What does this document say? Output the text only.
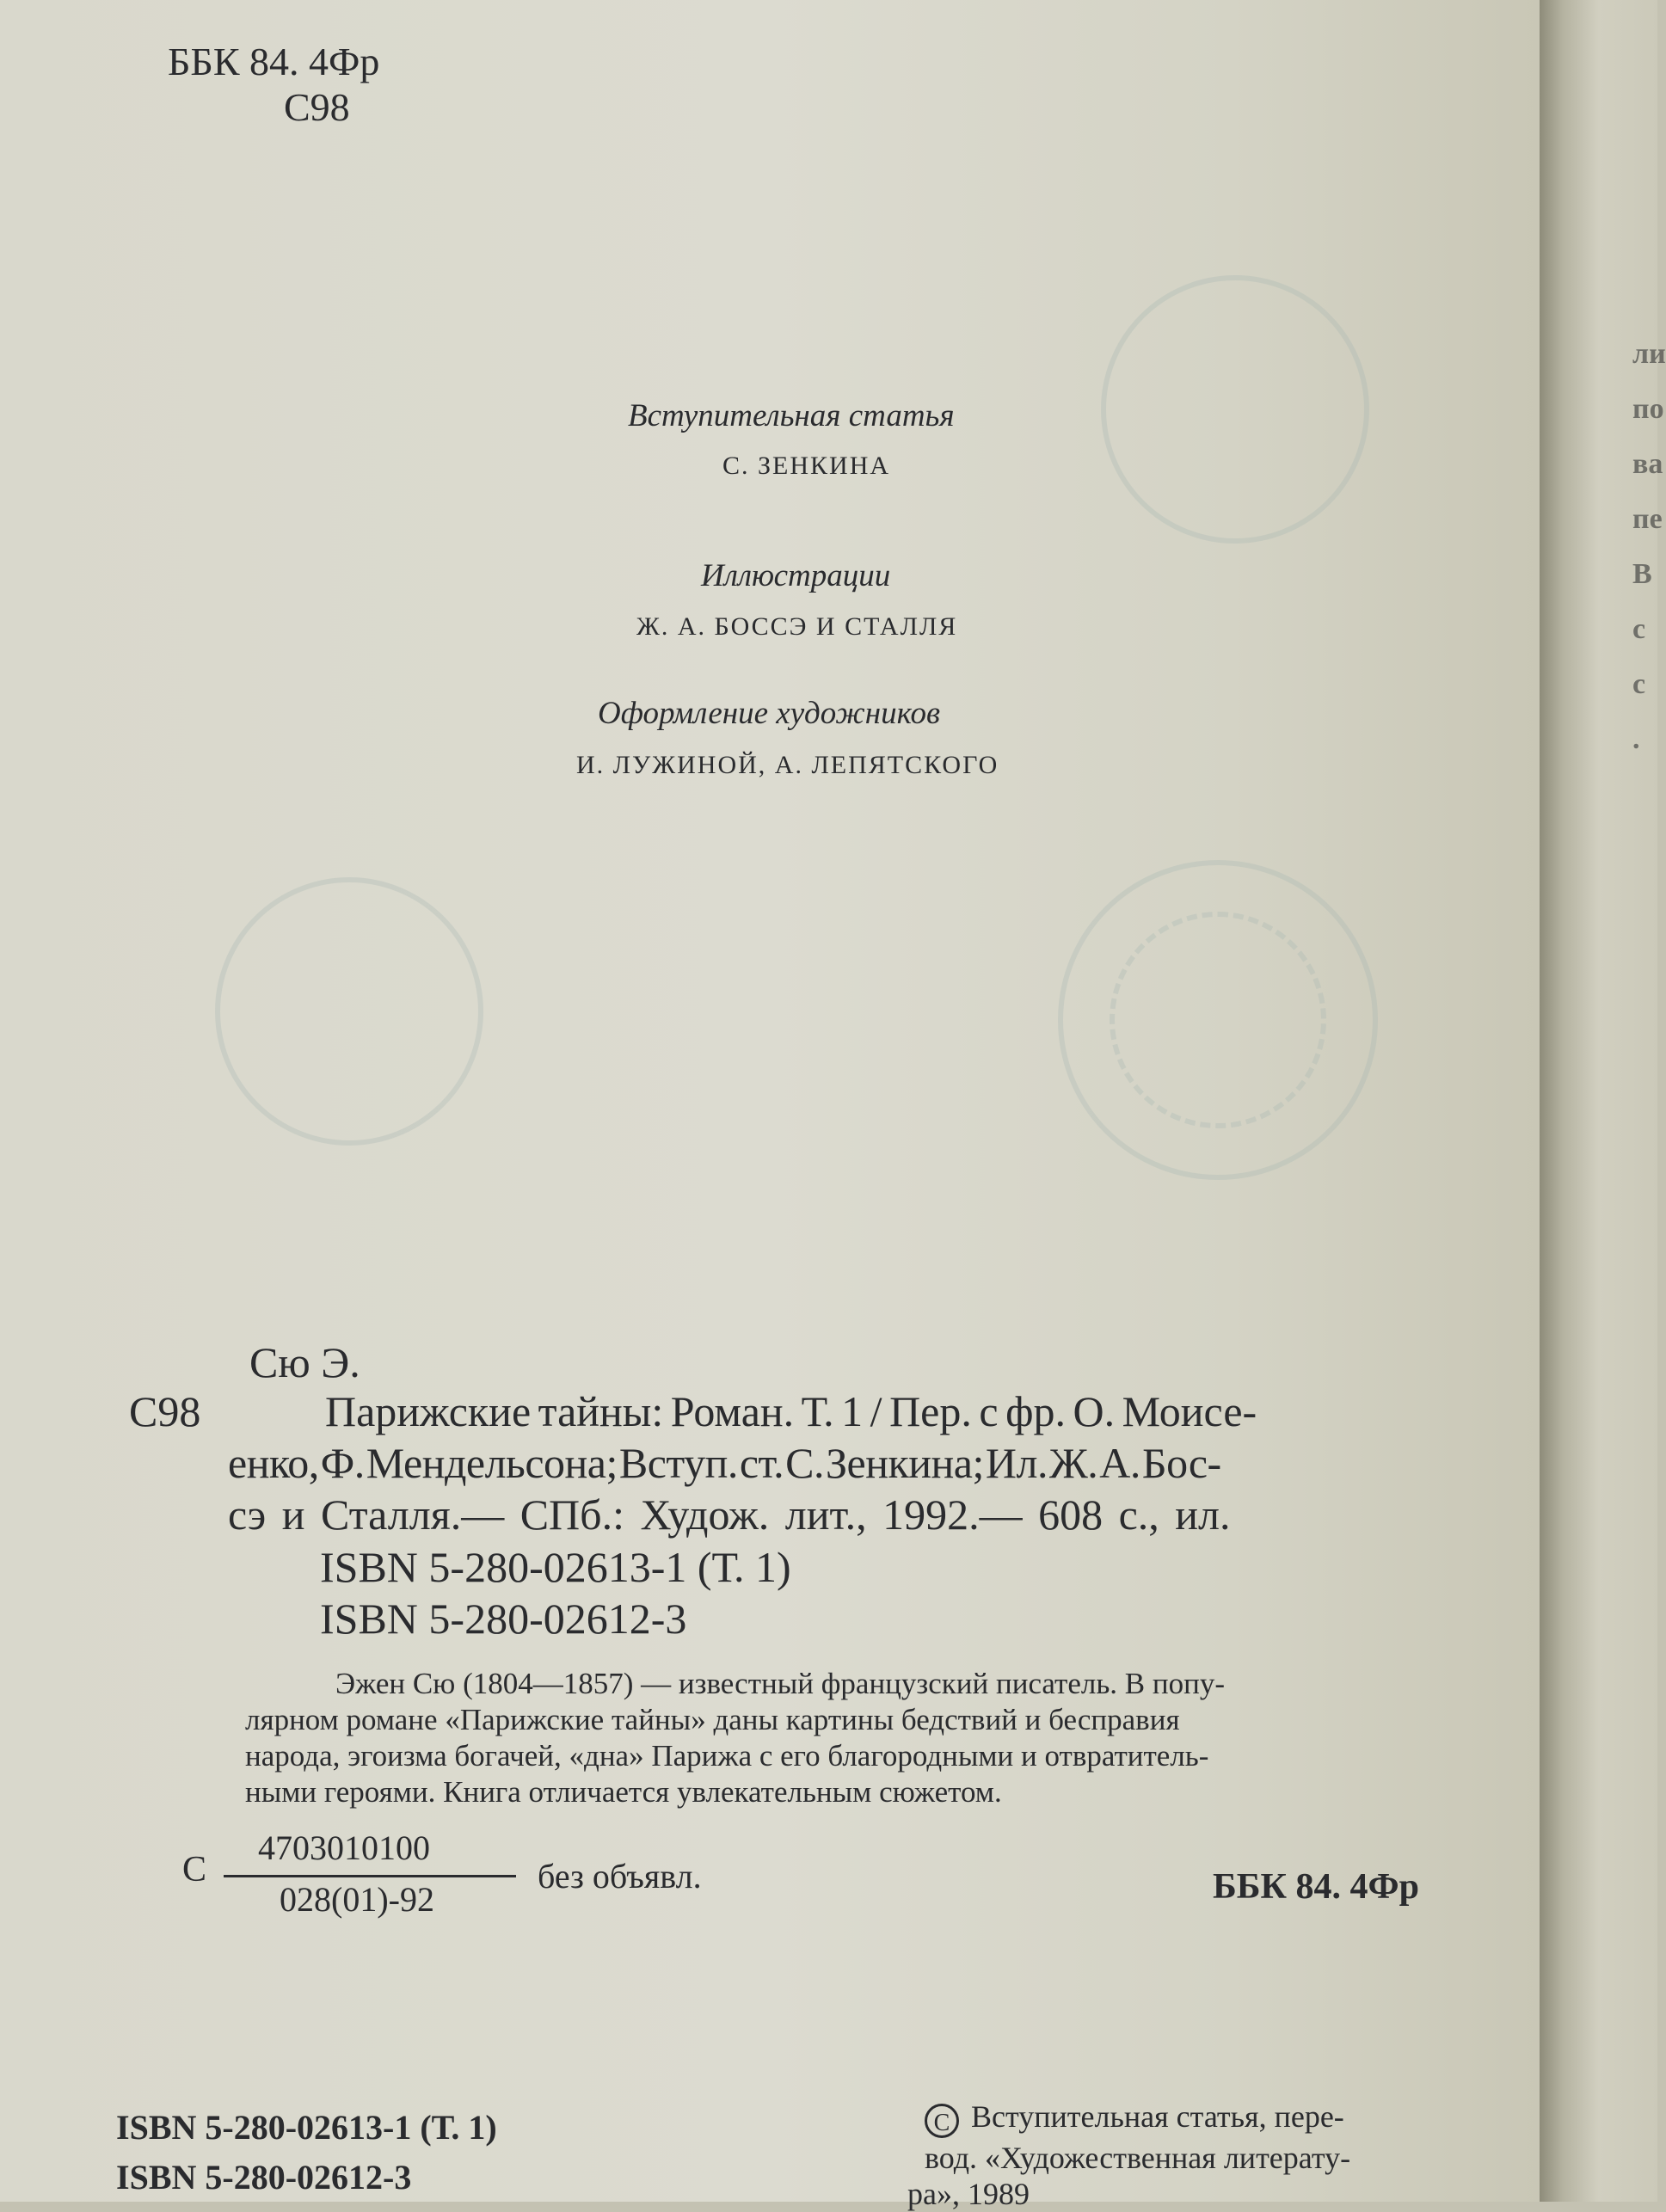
ББК 84. 4Фр

С98

Вступительная статья

С. ЗЕНКИНА

Иллюстрации

Ж. А. БОССЭ И СТАЛЛЯ

Оформление художников

И. ЛУЖИНОЙ, А. ЛЕПЯТСКОГО

Сю Э.

С98	Парижские тайны: Роман. Т. 1 / Пер. с фр. О. Моисе-

енко, Ф. Мендельсона; Вступ. ст. С. Зенкина; Ил. Ж. А. Бос-

сэ и Сталля.— СПб.: Худож. лит., 1992.— 608 с., ил.

ISBN 5-280-02613-1 (Т. 1)

ISBN 5-280-02612-3

Эжен Сю (1804—1857) — известный французский писатель. В попу-

лярном романе «Парижские тайны» даны картины бедствий и бесправия

народа, эгоизма богачей, «дна» Парижа с его благородными и отвратитель-

ными героями. Книга отличается увлекательным сюжетом.

С

4703010100

028(01)-92

без объявл.	ББК 84. 4Фр

ISBN 5-280-02613-1 (Т. 1)

ISBN 5-280-02612-3

C Вступительная статья, пере-

вод. «Художественная литерату-

ра», 1989

ли по ва пе В с с .
